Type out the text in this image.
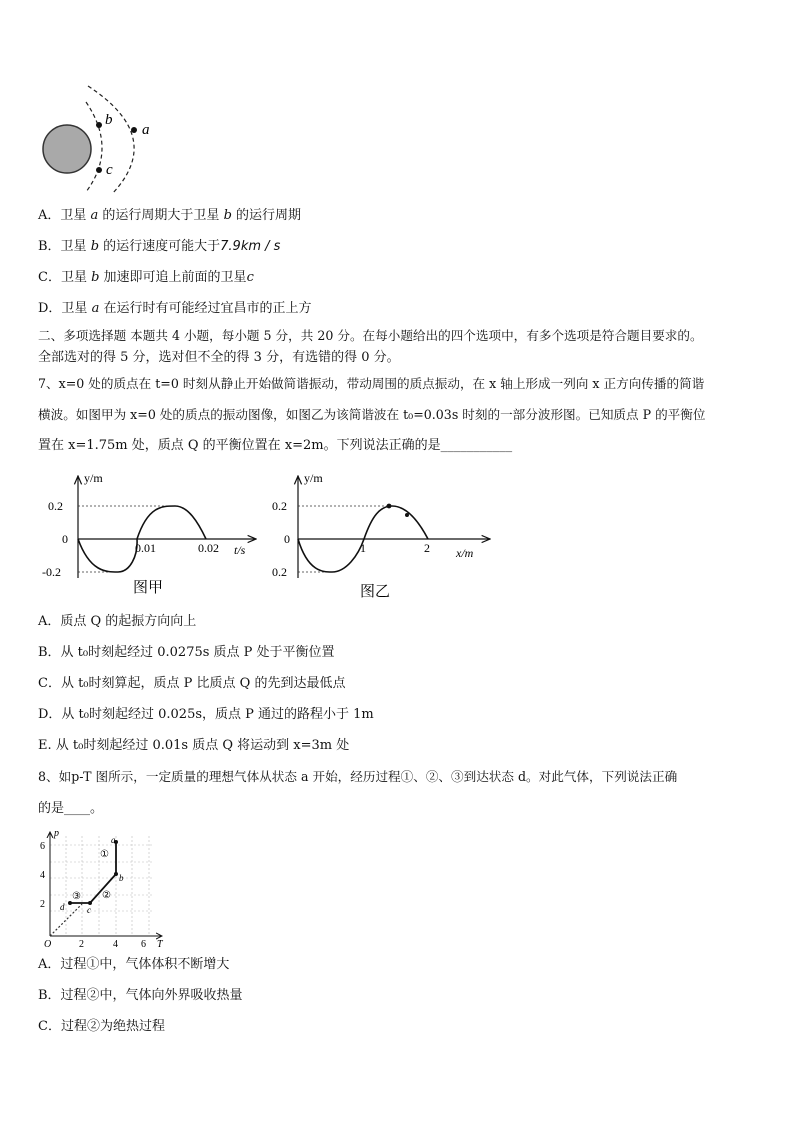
b
c
a
A．卫星 a 的运行周期大于卫星 b 的运行周期
B．卫星 b 的运行速度可能大于7.9km / s
C．卫星 b 加速即可追上前面的卫星c
D．卫星 a 在运行时有可能经过宜昌市的正上方
二、多项选择题 本题共 4 小题，每小题 5 分，共 20 分。在每小题给出的四个选项中，有多个选项是符合题目要求的。
全部选对的得 5 分，选对但不全的得 3 分，有选错的得 0 分。
7、x=0 处的质点在 t=0 时刻从静止开始做简谐振动，带动周围的质点振动，在 x 轴上形成一列向 x 正方向传播的简谐
横波。如图甲为 x=0 处的质点的振动图像，如图乙为该简谐波在 t₀=0.03s 时刻的一部分波形图。已知质点 P 的平衡位
置在 x=1.75m 处，质点 Q 的平衡位置在 x=2m。下列说法正确的是___________
y/m
0.2
0
-0.2
0.01	0.02 t/s
图甲
y/m
0.2
0
0.2
1	2 x/m
图乙
A．质点 Q 的起振方向向上
B．从 t₀时刻起经过 0.0275s 质点 P 处于平衡位置
C．从 t₀时刻算起，质点 P 比质点 Q 的先到达最低点
D．从 t₀时刻起经过 0.025s，质点 P 通过的路程小于 1m
E. 从 t₀时刻起经过 0.01s 质点 Q 将运动到 x=3m 处
8、如p-T 图所示，一定质量的理想气体从状态 a 开始，经历过程①、②、③到达状态 d。对此气体，下列说法正确
的是____。
p
T
O
6
4
2
2	4 6
a
b
c
d
①
②
③
A．过程①中，气体体积不断增大
B．过程②中，气体向外界吸收热量
C．过程②为绝热过程
